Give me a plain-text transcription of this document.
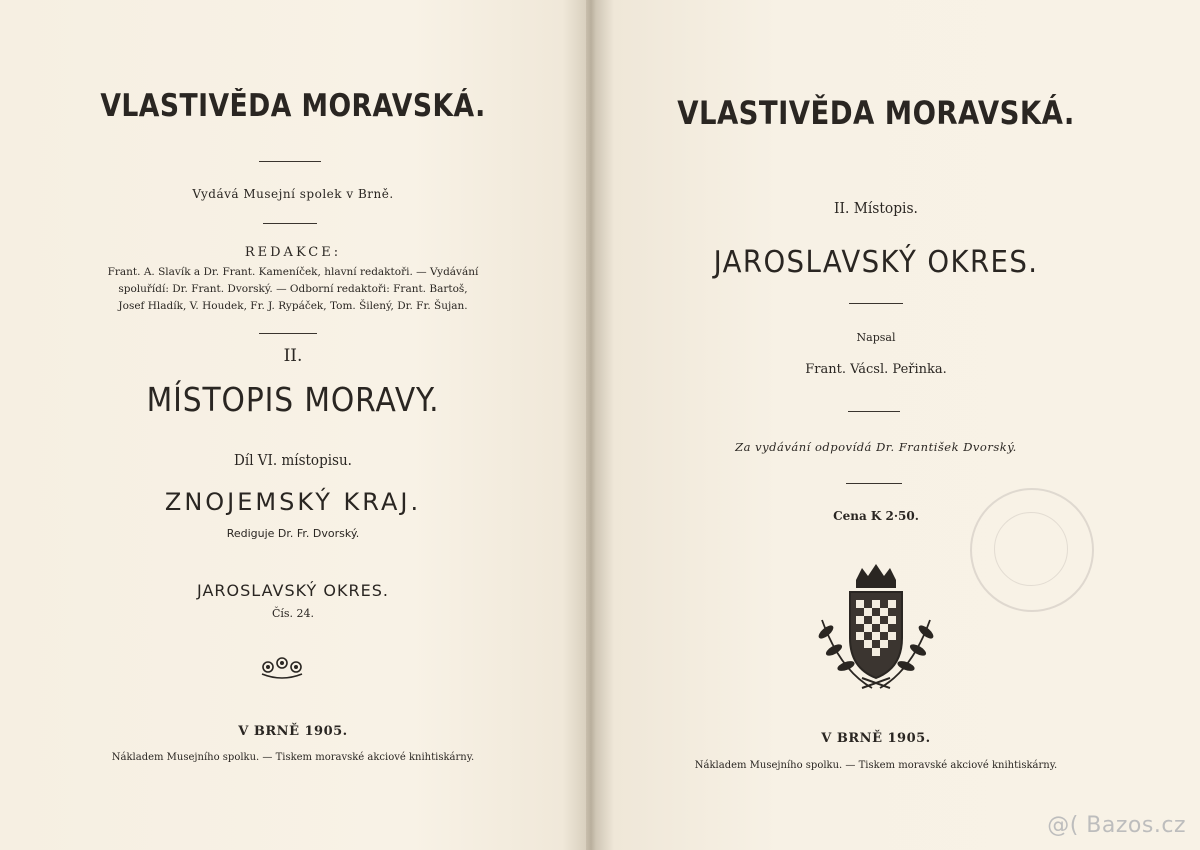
VLASTIVĚDA MORAVSKÁ.
Vydává Musejní spolek v Brně.
REDAKCE:
Frant. A. Slavík a Dr. Frant. Kameníček, hlavní redaktoři. — Vydávání
spoluřídí: Dr. Frant. Dvorský. — Odborní redaktoři: Frant. Bartoš,
Josef Hladík, V. Houdek, Fr. J. Rypáček, Tom. Šilený, Dr. Fr. Šujan.
II.
MÍSTOPIS MORAVY.
Díl VI. místopisu.
ZNOJEMSKÝ KRAJ.
Rediguje Dr. Fr. Dvorský.
JAROSLAVSKÝ OKRES.
Čís. 24.
V BRNĚ 1905.
Nákladem Musejního spolku. — Tiskem moravské akciové knihtiskárny.
VLASTIVĚDA MORAVSKÁ.
II. Místopis.
JAROSLAVSKÝ OKRES.
Napsal
Frant. Vácsl. Peřinka.
Za vydávání odpovídá Dr. František Dvorský.
Cena K 2·50.
V BRNĚ 1905.
Nákladem Musejního spolku. — Tiskem moravské akciové knihtiskárny.
@( Bazos.cz
